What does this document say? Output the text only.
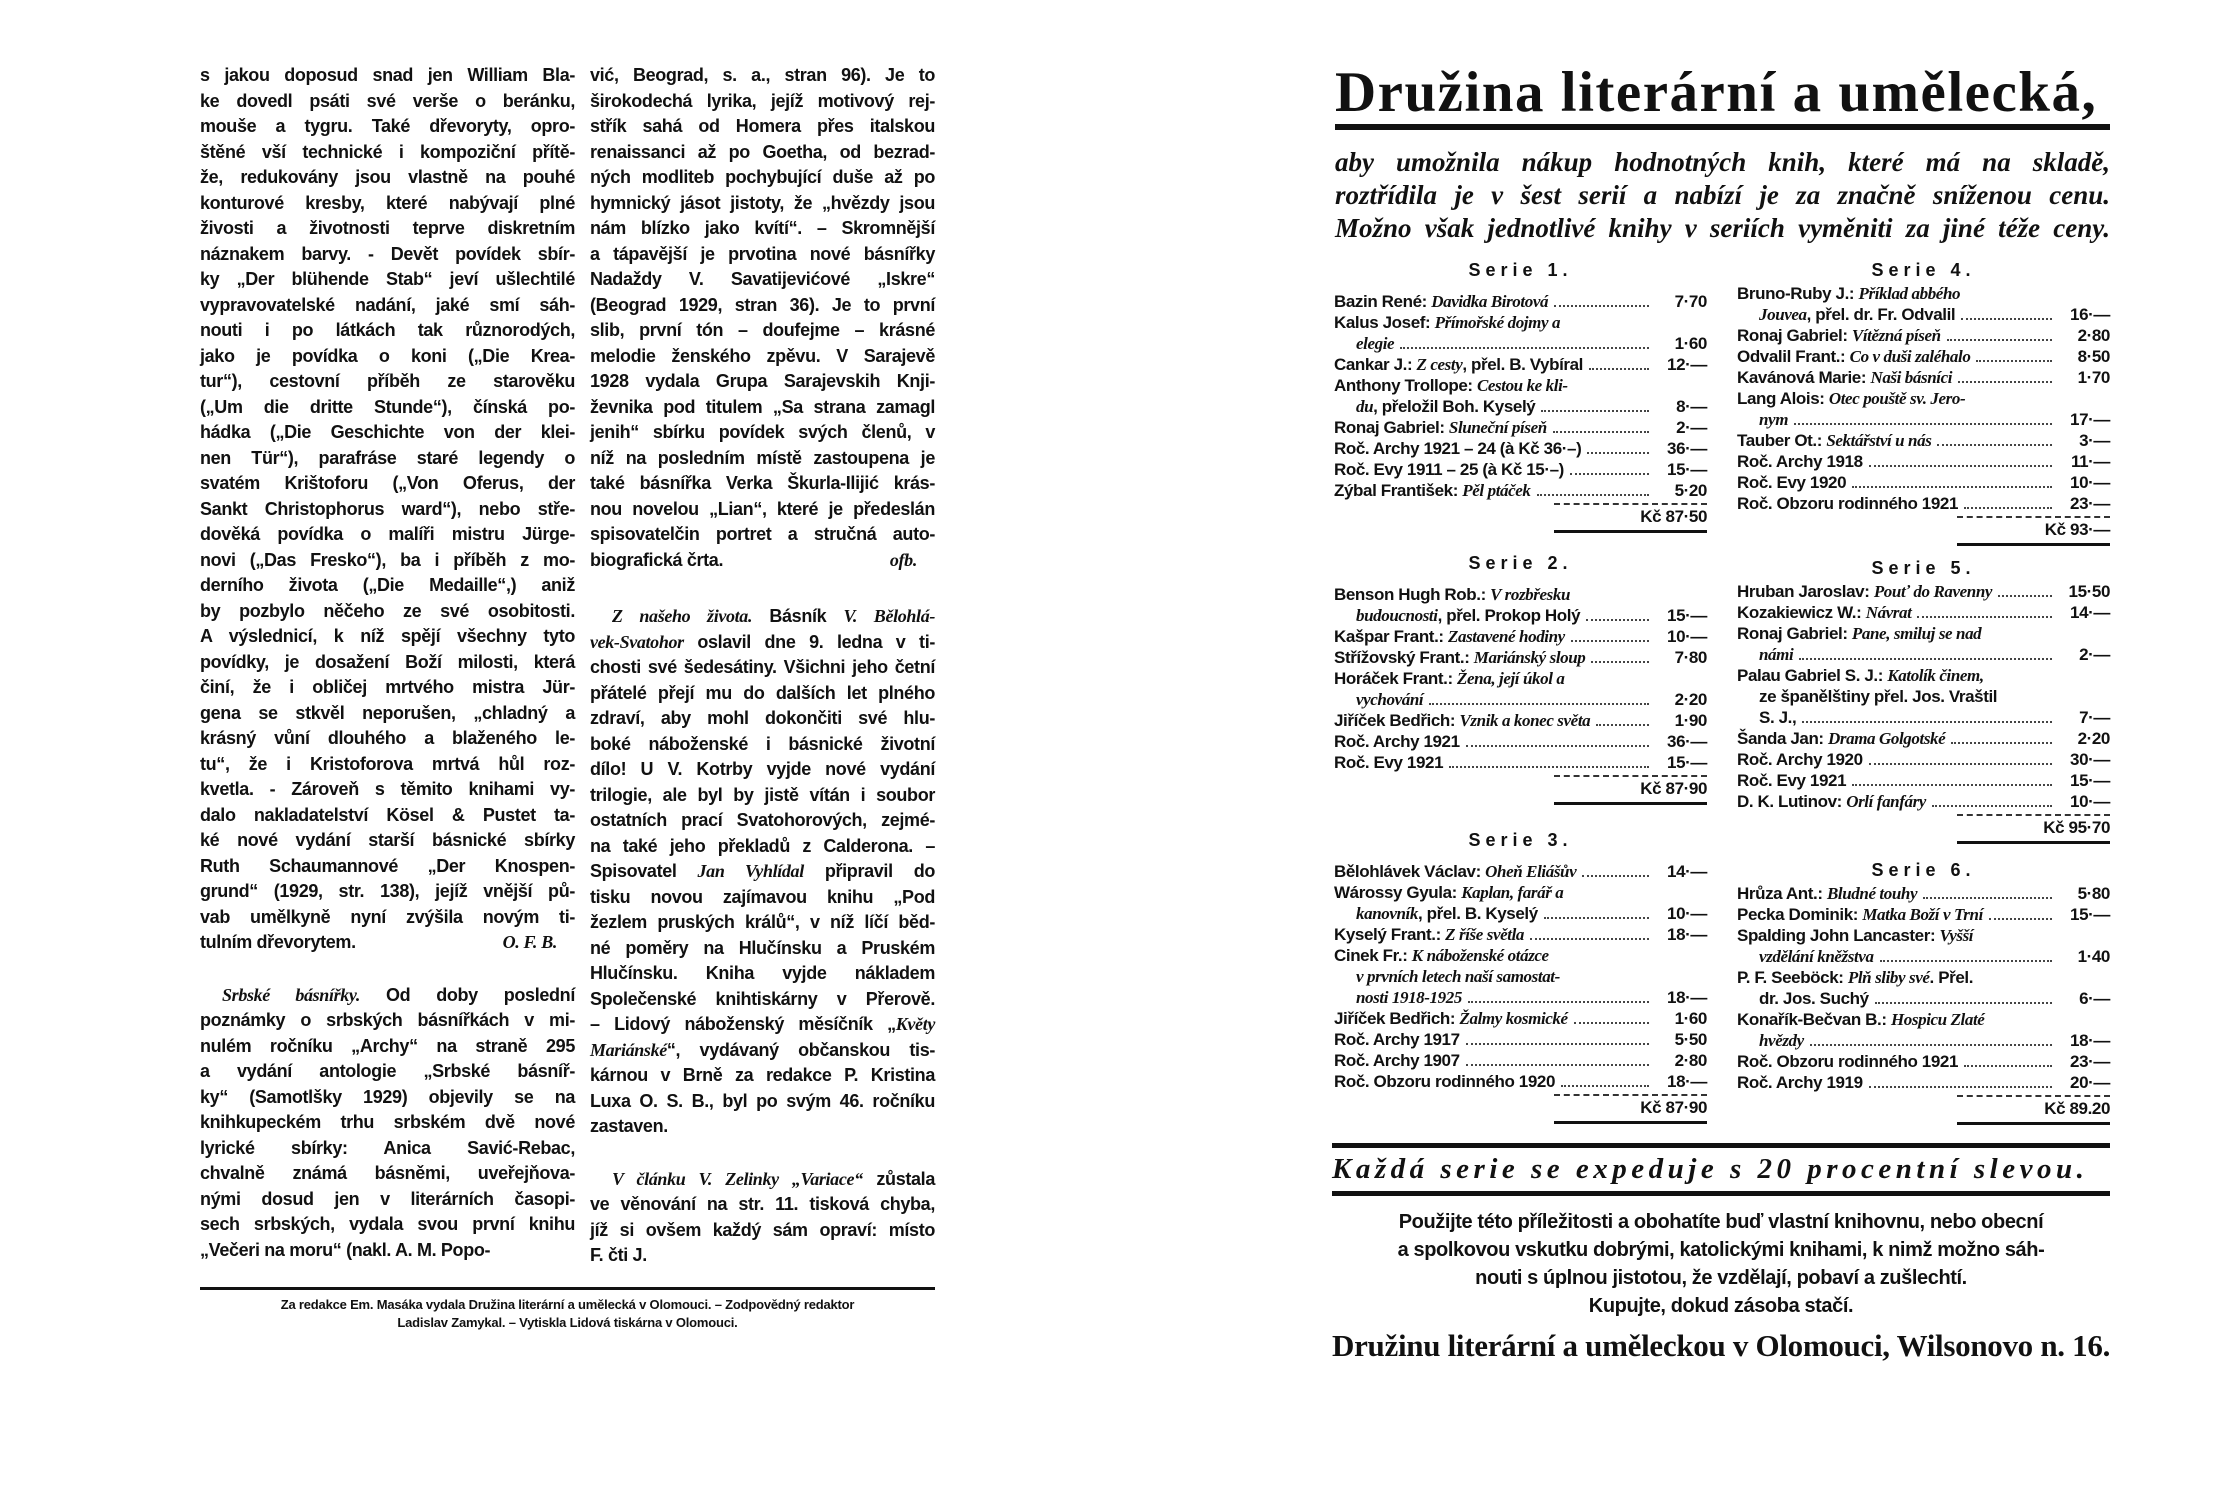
s jakou doposud snad jen William Bla-
ke dovedl psáti své verše o beránku,
mouše a tygru. Také dřevoryty, opro-
štěné vší technické i kompoziční přítě-
že, redukovány jsou vlastně na pouhé
konturové kresby, které nabývají plné
živosti a životnosti teprve diskretním
náznakem barvy. - Devět povídek sbír-
ky „Der blühende Stab“ jeví ušlechtilé
vypravovatelské nadání, jaké smí sáh-
nouti i po látkách tak různorodých,
jako je povídka o koni („Die Krea-
tur“), cestovní příběh ze starověku
(„Um die dritte Stunde“), čínská po-
hádka („Die Geschichte von der klei-
nen Tür“), parafráse staré legendy o
svatém Krištoforu („Von Oferus, der
Sankt Christophorus ward“), nebo stře-
dověká povídka o malíři mistru Jürge-
novi („Das Fresko“), ba i příběh z mo-
derního života („Die Medaille“,) aniž
by pozbylo něčeho ze své osobitosti.
A výslednicí, k níž spějí všechny tyto
povídky, je dosažení Boží milosti, která
činí, že i obličej mrtvého mistra Jür-
gena se stkvěl neporušen, „chladný a
krásný vůní dlouhého a blaženého le-
tu“, že i Kristoforova mrtvá hůl roz-
kvetla. - Zároveň s těmito knihami vy-
dalo nakladatelství Kösel & Pustet ta-
ké nové vydání starší básnické sbírky
Ruth Schaumannové „Der Knospen-
grund“ (1929, str. 138), jejíž vnější pů-
vab umělkyně nyní zvýšila novým ti-
tulním dřevorytem.	O. F. B.
Srbské básnířky. Od doby poslední
poznámky o srbských básnířkách v mi-
nulém ročníku „Archy“ na straně 295
a vydání antologie „Srbské básníř-
ky“ (Samotlšky 1929) objevily se na
knihkupeckém trhu srbském dvě nové
lyrické sbírky: Anica Savić-Rebac,
chvalně známá básněmi, uveřejňova-
nými dosud jen v literárních časopi-
sech srbských, vydala svou první knihu
„Večeri na moru“ (nakl. A. M. Popo-
vić, Beograd, s. a., stran 96). Je to
širokodechá lyrika, jejíž motivový rej-
střík sahá od Homera přes italskou
renaissanci až po Goetha, od bezrad-
ných modliteb pochybující duše až po
hymnický jásot jistoty, že „hvězdy jsou
nám blízko jako kvítí“. – Skromnější
a tápavější je prvotina nové básnířky
Nadaždy V. Savatijevićové „Iskre“
(Beograd 1929, stran 36). Je to první
slib, první tón – doufejme – krásné
melodie ženského zpěvu. V Sarajevě
1928 vydala Grupa Sarajevskih Knji-
ževnika pod titulem „Sa strana zamagl
jenih“ sbírku povídek svých členů, v
níž na posledním místě zastoupena je
také básnířka Verka Škurla-Ilijić krás-
nou novelou „Lian“, které je předeslán
spisovatelčin portret a stručná auto-
biografická črta.	ofb.
Z našeho života. Básník V. Bělohlá-
vek-Svatohor oslavil dne 9. ledna v ti-
chosti své šedesátiny. Všichni jeho četní
přátelé přejí mu do dalších let plného
zdraví, aby mohl dokončiti své hlu-
boké náboženské i básnické životní
dílo! U V. Kotrby vyjde nové vydání
trilogie, ale byl by jistě vítán i soubor
ostatních prací Svatohorových, zejmé-
na také jeho překladů z Calderona. –
Spisovatel Jan Vyhlídal připravil do
tisku novou zajímavou knihu „Pod
žezlem pruských králů“, v níž líčí běd-
né poměry na Hlučínsku a Pruském
Hlučínsku. Kniha vyjde nákladem
Společenské knihtiskárny v Přerově.
– Lidový náboženský měsíčník „Květy
Mariánské“, vydávaný občanskou tis-
kárnou v Brně za redakce P. Kristina
Luxa O. S. B., byl po svým 46. ročníku
zastaven.
V článku V. Zelinky „Variace“ zůstala
ve věnování na str. 11. tisková chyba,
jíž si ovšem každý sám opraví: místo
F. čti J.
Za redakce Em. Masáka vydala Družina literární a umělecká v Olomouci. – Zodpovědný redaktor
Ladislav Zamykal. – Vytiskla Lidová tiskárna v Olomouci.
Družina literární a umělecká,
aby umožnila nákup hodnotných knih, které má na skladě,
roztřídila je v šest serií a nabízí je za značně sníženou cenu.
Možno však jednotlivé knihy v seriích vyměniti za jiné téže ceny.
Serie 1.
Bazin René: Davidka Birotová	7·70
Kalus Josef: Přímořské dojmy a
elegie	1·60
Cankar J.: Z cesty, přel. B. Vybíral	12·—
Anthony Trollope: Cestou ke kli-
du, přeložil Boh. Kyselý	8·—
Ronaj Gabriel: Sluneční píseň	2·—
Roč. Archy 1921 – 24 (à Kč 36·–)	36·—
Roč. Evy 1911 – 25 (à Kč 15·–)	15·—
Zýbal František: Pěl ptáček	5·20
Kč 87·50
Serie 2.
Benson Hugh Rob.: V rozbřesku
budoucnosti, přel. Prokop Holý	15·—
Kašpar Frant.: Zastavené hodiny	10·—
Střížovský Frant.: Mariánský sloup	7·80
Horáček Frant.: Žena, její úkol a
vychování	2·20
Jiříček Bedřich: Vznik a konec světa	1·90
Roč. Archy 1921	36·—
Roč. Evy 1921	15·—
Kč 87·90
Serie 3.
Bělohlávek Václav: Oheň Eliášův	14·—
Wárossy Gyula: Kaplan, farář a
kanovník, přel. B. Kyselý	10·—
Kyselý Frant.: Z říše světla	18·—
Cinek Fr.: K náboženské otázce
v prvních letech naší samostat-
nosti 1918-1925	18·—
Jiříček Bedřich: Žalmy kosmické	1·60
Roč. Archy 1917	5·50
Roč. Archy 1907	2·80
Roč. Obzoru rodinného 1920	18·—
Kč 87·90
Serie 4.
Bruno-Ruby J.: Příklad abbého
Jouvea, přel. dr. Fr. Odvalil	16·—
Ronaj Gabriel: Vítězná píseň	2·80
Odvalil Frant.: Co v duši zaléhalo	8·50
Kavánová Marie: Naši básníci	1·70
Lang Alois: Otec pouště sv. Jero-
nym	17·—
Tauber Ot.: Sektářství u nás	3·—
Roč. Archy 1918	11·—
Roč. Evy 1920	10·—
Roč. Obzoru rodinného 1921	23·—
Kč 93·—
Serie 5.
Hruban Jaroslav: Pouť do Ravenny	15·50
Kozakiewicz W.: Návrat	14·—
Ronaj Gabriel: Pane, smiluj se nad
námi	2·—
Palau Gabriel S. J.: Katolík činem,
ze španělštiny přel. Jos. Vraštil
S. J.,	7·—
Šanda Jan: Drama Golgotské	2·20
Roč. Archy 1920	30·—
Roč. Evy 1921	15·—
D. K. Lutinov: Orlí fanfáry	10·—
Kč 95·70
Serie 6.
Hrůza Ant.: Bludné touhy	5·80
Pecka Dominik: Matka Boží v Trní	15·—
Spalding John Lancaster: Vyšší
vzdělání kněžstva	1·40
P. F. Seeböck: Plň sliby své. Přel.
dr. Jos. Suchý	6·—
Konařík-Bečvan B.: Hospicu Zlaté
hvězdy	18·—
Roč. Obzoru rodinného 1921	23·—
Roč. Archy 1919	20·—
Kč 89.20
Každá serie se expeduje s 20 procentní slevou.
Použijte této příležitosti a obohatíte buď vlastní knihovnu, nebo obecní
a spolkovou vskutku dobrými, katolickými knihami, k nimž možno sáh-
nouti s úplnou jistotou, že vzdělají, pobaví a zušlechtí.
Kupujte, dokud zásoba stačí.
Družinu literární a uměleckou v Olomouci, Wilsonovo n. 16.
